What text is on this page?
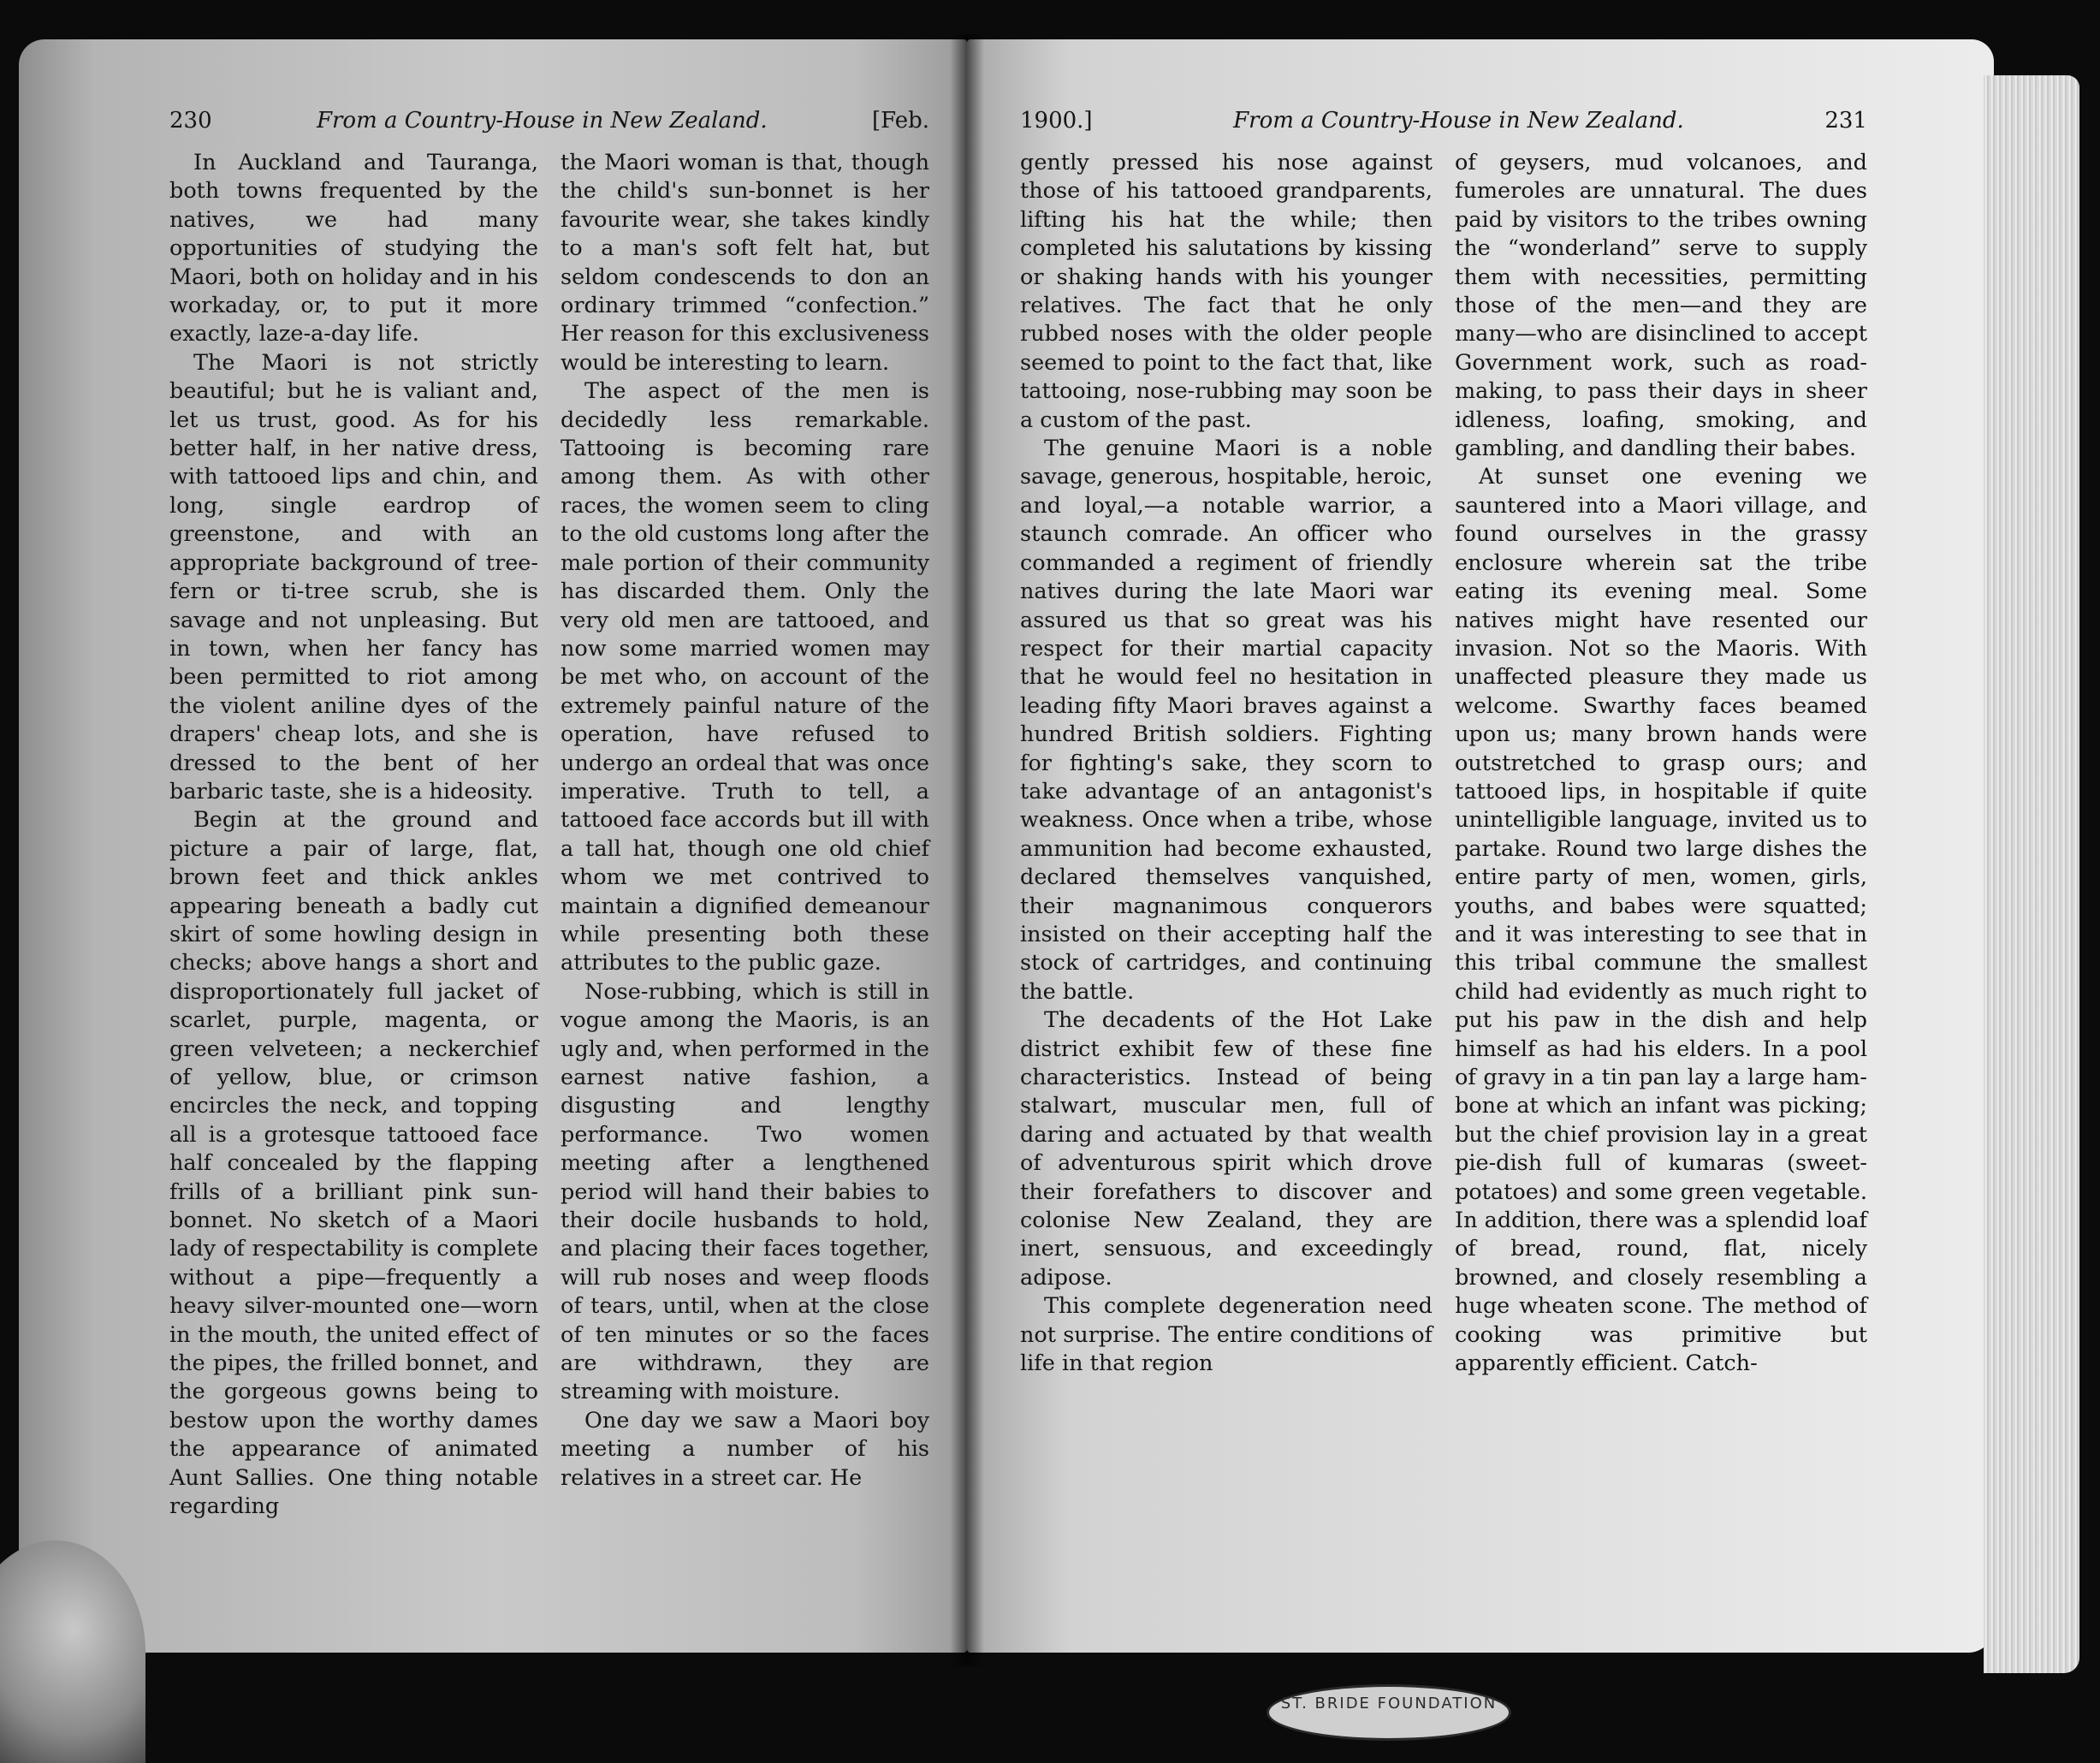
230	From a Country-House in New Zealand.	[Feb.

In Auckland and Tauranga, both towns frequented by the natives, we had many opportunities of studying the Maori, both on holiday and in his workaday, or, to put it more exactly, laze-a-day life.

The Maori is not strictly beautiful; but he is valiant and, let us trust, good. As for his better half, in her native dress, with tattooed lips and chin, and long, single eardrop of greenstone, and with an appropriate background of tree-fern or ti-tree scrub, she is savage and not unpleasing. But in town, when her fancy has been permitted to riot among the violent aniline dyes of the drapers' cheap lots, and she is dressed to the bent of her barbaric taste, she is a hideosity.

Begin at the ground and picture a pair of large, flat, brown feet and thick ankles appearing beneath a badly cut skirt of some howling design in checks; above hangs a short and disproportionately full jacket of scarlet, purple, magenta, or green velveteen; a neckerchief of yellow, blue, or crimson encircles the neck, and topping all is a grotesque tattooed face half concealed by the flapping frills of a brilliant pink sun-bonnet. No sketch of a Maori lady of respectability is complete without a pipe—frequently a heavy silver-mounted one—worn in the mouth, the united effect of the pipes, the frilled bonnet, and the gorgeous gowns being to bestow upon the worthy dames the appearance of animated Aunt Sallies. One thing notable regarding

the Maori woman is that, though the child's sun-bonnet is her favourite wear, she takes kindly to a man's soft felt hat, but seldom condescends to don an ordinary trimmed “confection.” Her reason for this exclusiveness would be interesting to learn.

The aspect of the men is decidedly less remarkable. Tattooing is becoming rare among them. As with other races, the women seem to cling to the old customs long after the male portion of their community has discarded them. Only the very old men are tattooed, and now some married women may be met who, on account of the extremely painful nature of the operation, have refused to undergo an ordeal that was once imperative. Truth to tell, a tattooed face accords but ill with a tall hat, though one old chief whom we met contrived to maintain a dignified demeanour while presenting both these attributes to the public gaze.

Nose-rubbing, which is still in vogue among the Maoris, is an ugly and, when performed in the earnest native fashion, a disgusting and lengthy performance. Two women meeting after a lengthened period will hand their babies to their docile husbands to hold, and placing their faces together, will rub noses and weep floods of tears, until, when at the close of ten minutes or so the faces are withdrawn, they are streaming with moisture.

One day we saw a Maori boy meeting a number of his relatives in a street car. He

1900.]	From a Country-House in New Zealand.	231

gently pressed his nose against those of his tattooed grandparents, lifting his hat the while; then completed his salutations by kissing or shaking hands with his younger relatives. The fact that he only rubbed noses with the older people seemed to point to the fact that, like tattooing, nose-rubbing may soon be a custom of the past.

The genuine Maori is a noble savage, generous, hospitable, heroic, and loyal,—a notable warrior, a staunch comrade. An officer who commanded a regiment of friendly natives during the late Maori war assured us that so great was his respect for their martial capacity that he would feel no hesitation in leading fifty Maori braves against a hundred British soldiers. Fighting for fighting's sake, they scorn to take advantage of an antagonist's weakness. Once when a tribe, whose ammunition had become exhausted, declared themselves vanquished, their magnanimous conquerors insisted on their accepting half the stock of cartridges, and continuing the battle.

The decadents of the Hot Lake district exhibit few of these fine characteristics. Instead of being stalwart, muscular men, full of daring and actuated by that wealth of adventurous spirit which drove their forefathers to discover and colonise New Zealand, they are inert, sensuous, and exceedingly adipose.

This complete degeneration need not surprise. The entire conditions of life in that region

of geysers, mud volcanoes, and fumeroles are unnatural. The dues paid by visitors to the tribes owning the “wonderland” serve to supply them with necessities, permitting those of the men—and they are many—who are disinclined to accept Government work, such as road-making, to pass their days in sheer idleness, loafing, smoking, and gambling, and dandling their babes.

At sunset one evening we sauntered into a Maori village, and found ourselves in the grassy enclosure wherein sat the tribe eating its evening meal. Some natives might have resented our invasion. Not so the Maoris. With unaffected pleasure they made us welcome. Swarthy faces beamed upon us; many brown hands were outstretched to grasp ours; and tattooed lips, in hospitable if quite unintelligible language, invited us to partake. Round two large dishes the entire party of men, women, girls, youths, and babes were squatted; and it was interesting to see that in this tribal commune the smallest child had evidently as much right to put his paw in the dish and help himself as had his elders. In a pool of gravy in a tin pan lay a large ham-bone at which an infant was picking; but the chief provision lay in a great pie-dish full of kumaras (sweet-potatoes) and some green vegetable. In addition, there was a splendid loaf of bread, round, flat, nicely browned, and closely resembling a huge wheaten scone. The method of cooking was primitive but apparently efficient. Catch-

ST. BRIDE FOUNDATION
